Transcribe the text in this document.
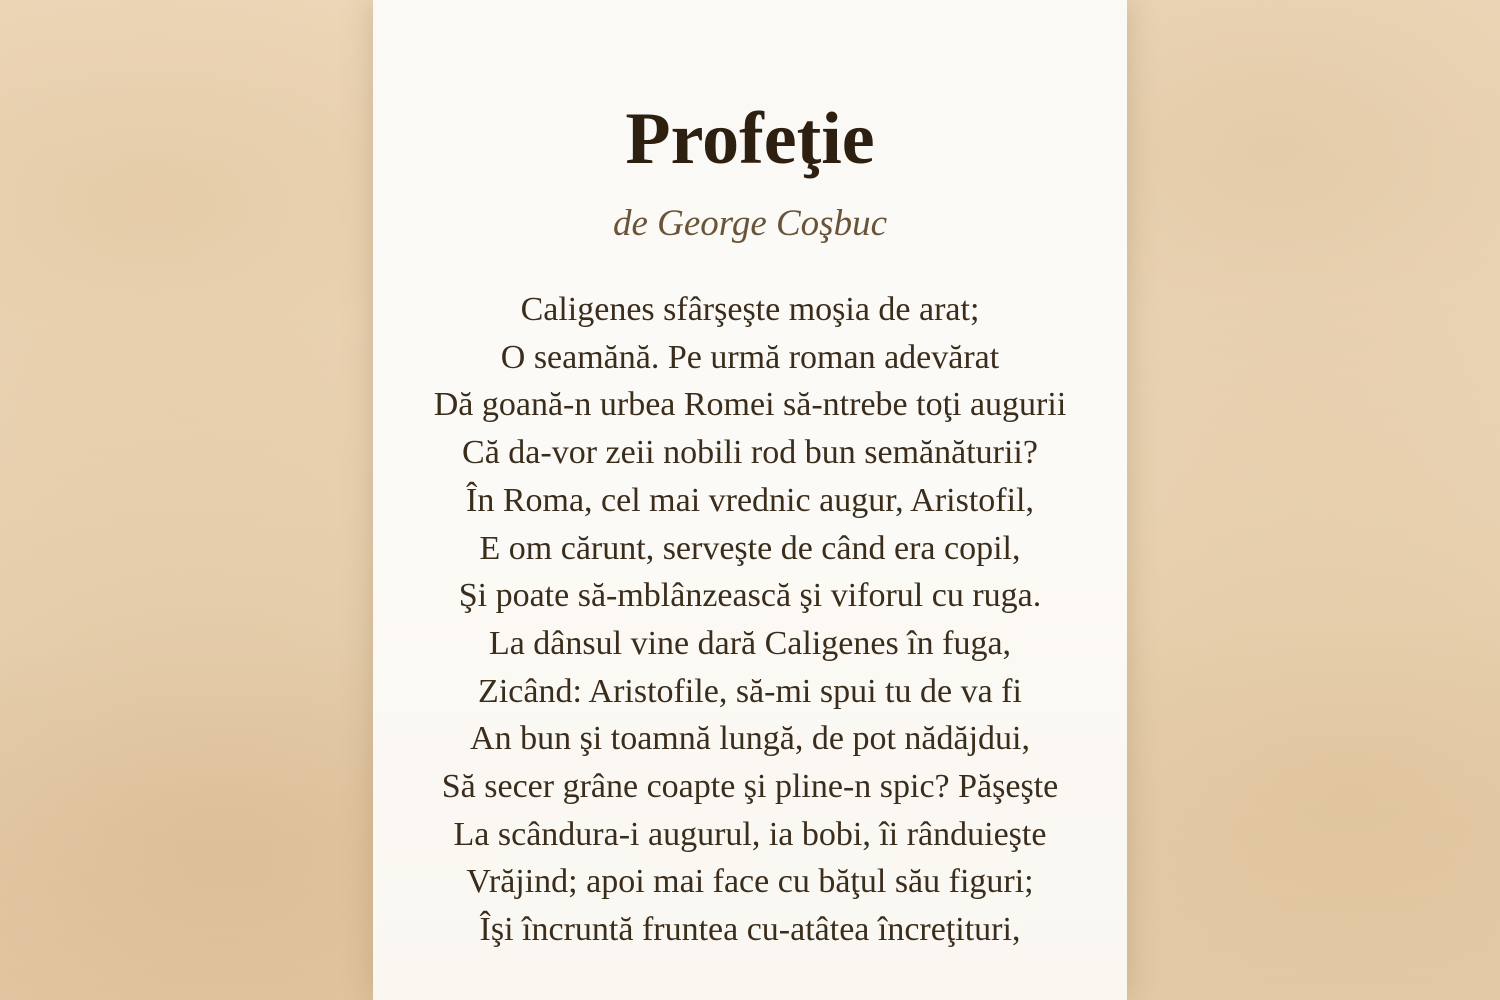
Profeţie
de George Coşbuc
Caligenes sfârşeşte moşia de arat;
O seamănă. Pe urmă roman adevărat
Dă goană-n urbea Romei să-ntrebe toţi augurii
Că da-vor zeii nobili rod bun semănăturii?
În Roma, cel mai vrednic augur, Aristofil,
E om cărunt, serveşte de când era copil,
Şi poate să-mblânzească şi viforul cu ruga.
La dânsul vine dară Caligenes în fuga,
Zicând: Aristofile, să-mi spui tu de va fi
An bun şi toamnă lungă, de pot nădăjdui,
Să secer grâne coapte şi pline-n spic? Păşeşte
La scândura-i augurul, ia bobi, îi rânduieşte
Vrăjind; apoi mai face cu băţul său figuri;
Îşi încruntă fruntea cu-atâtea încreţituri,
